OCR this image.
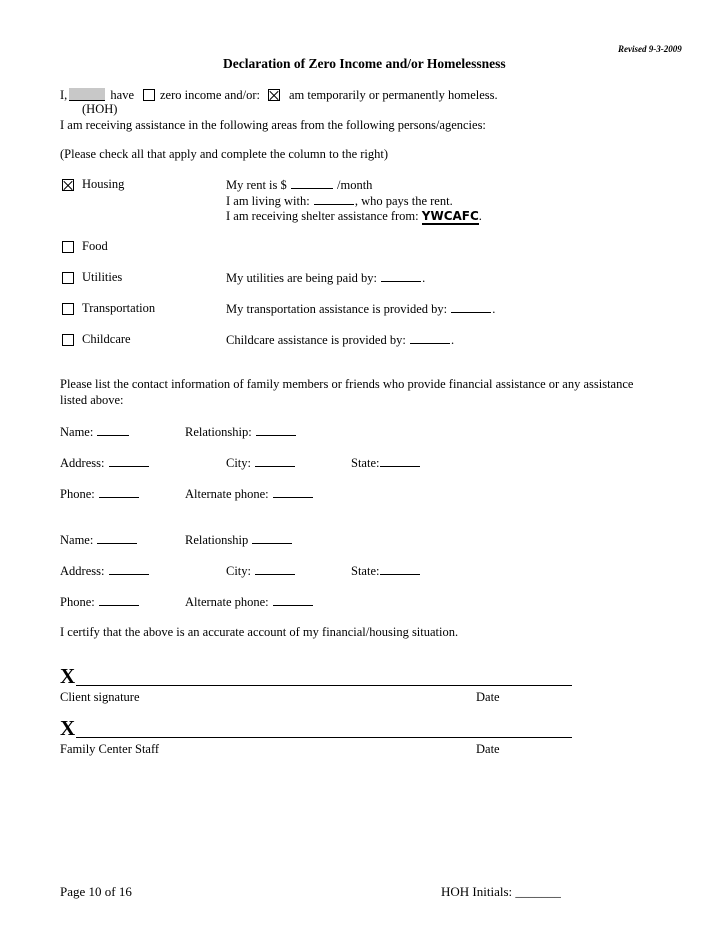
Revised 9-3-2009
Declaration of Zero Income and/or Homelessness
I,	have zero income and/or: am temporarily or permanently homeless.
(HOH)
I am receiving assistance in the following areas from the following persons/agencies:
(Please check all that apply and complete the column to the right)
Housing	My rent is $	/month
I am living with:	, who pays the rent.
I am receiving shelter assistance from: YWCAFC.
Food
Utilities	My utilities are being paid by:	.
Transportation	My transportation assistance is provided by:	.
Childcare	Childcare assistance is provided by:	.
Please list the contact information of family members or friends who provide financial assistance or any assistance
listed above:
Name:	Relationship:
Address:	City:	State:
Phone:	Alternate phone:
Name:	Relationship
Address:	City:	State:
Phone:	Alternate phone:
I certify that the above is an accurate account of my financial/housing situation.
X
Client signature	Date
X
Family Center Staff	Date
Page 10 of 16	HOH Initials: _______
